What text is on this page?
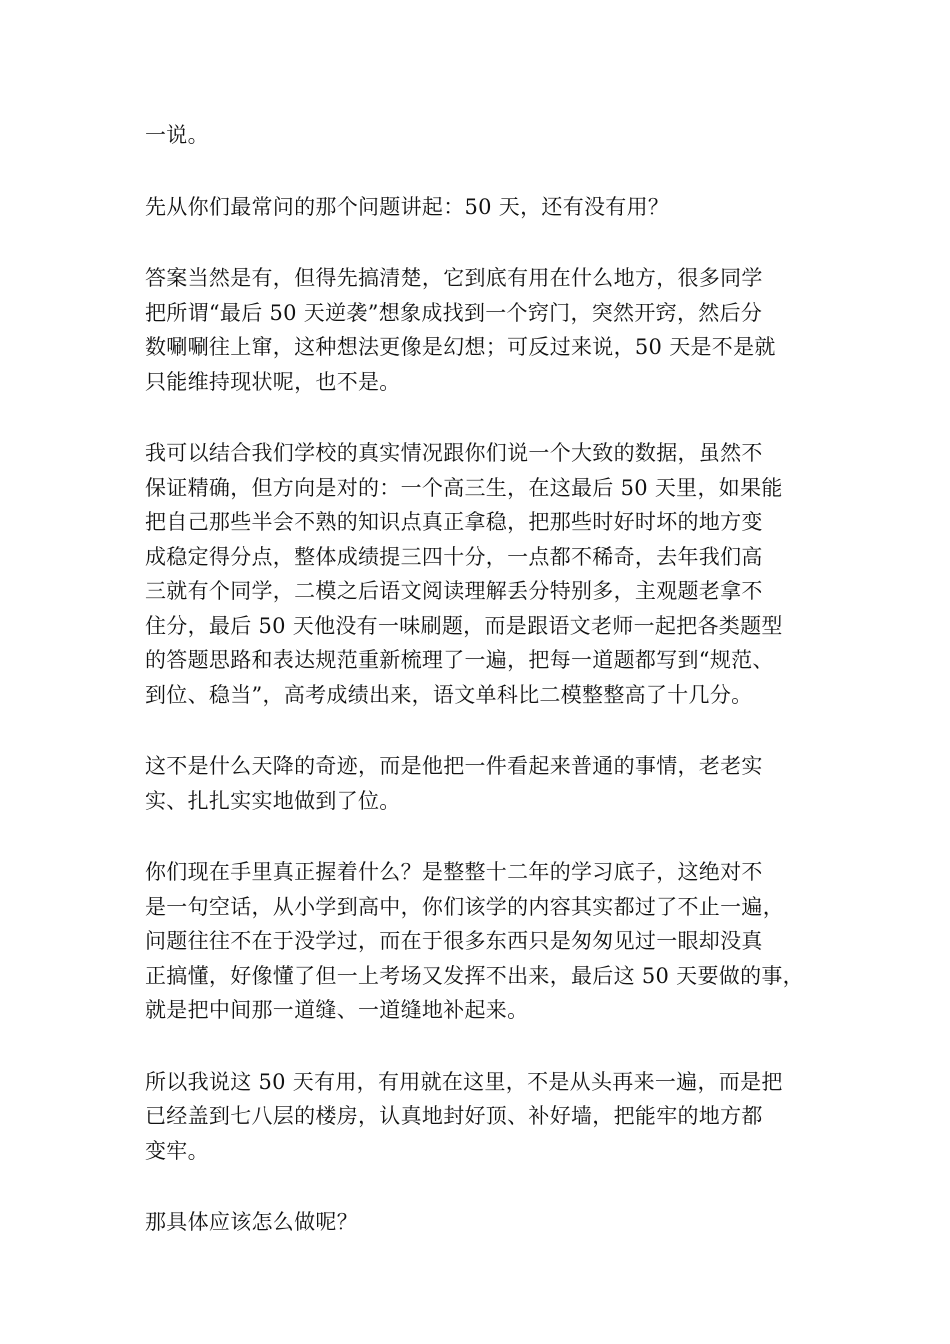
一说。

先从你们最常问的那个问题讲起：50 天，还有没有用？

答案当然是有，但得先搞清楚，它到底有用在什么地方，很多同学
把所谓“最后 50 天逆袭”想象成找到一个窍门，突然开窍，然后分
数唰唰往上窜，这种想法更像是幻想；可反过来说，50 天是不是就
只能维持现状呢，也不是。

我可以结合我们学校的真实情况跟你们说一个大致的数据，虽然不
保证精确，但方向是对的：一个高三生，在这最后 50 天里，如果能
把自己那些半会不熟的知识点真正拿稳，把那些时好时坏的地方变
成稳定得分点，整体成绩提三四十分，一点都不稀奇，去年我们高
三就有个同学，二模之后语文阅读理解丢分特别多，主观题老拿不
住分，最后 50 天他没有一味刷题，而是跟语文老师一起把各类题型
的答题思路和表达规范重新梳理了一遍，把每一道题都写到“规范、
到位、稳当”，高考成绩出来，语文单科比二模整整高了十几分。

这不是什么天降的奇迹，而是他把一件看起来普通的事情，老老实
实、扎扎实实地做到了位。

你们现在手里真正握着什么？是整整十二年的学习底子，这绝对不
是一句空话，从小学到高中，你们该学的内容其实都过了不止一遍，
问题往往不在于没学过，而在于很多东西只是匆匆见过一眼却没真
正搞懂，好像懂了但一上考场又发挥不出来，最后这 50 天要做的事，
就是把中间那一道缝、一道缝地补起来。

所以我说这 50 天有用，有用就在这里，不是从头再来一遍，而是把
已经盖到七八层的楼房，认真地封好顶、补好墙，把能牢的地方都
变牢。

那具体应该怎么做呢？
